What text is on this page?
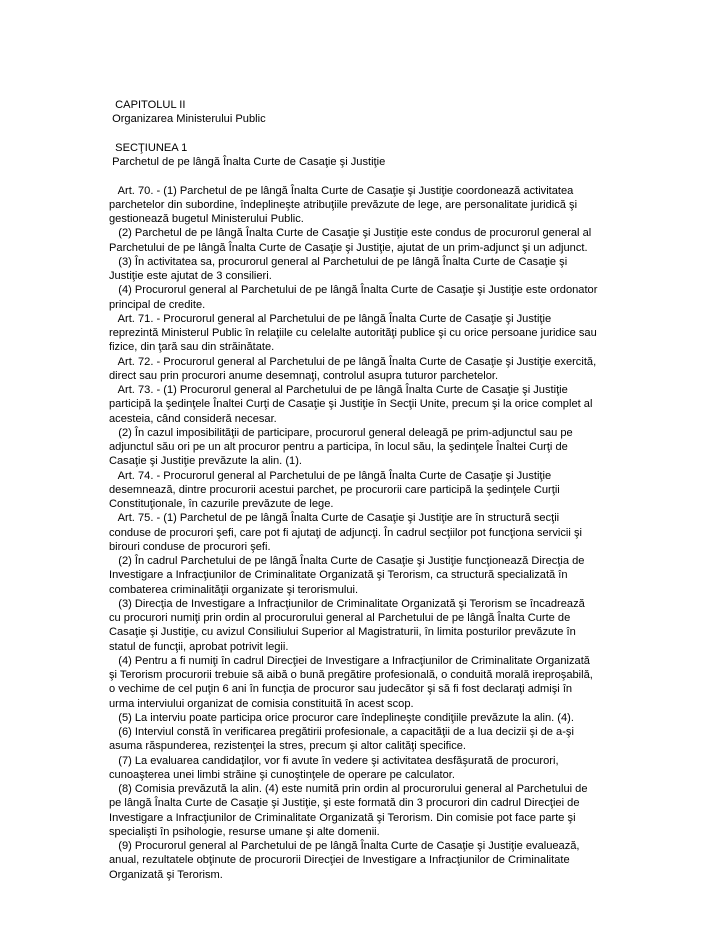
CAPITOLUL II
Organizarea Ministerului Public
SECŢIUNEA 1
Parchetul de pe lângă Înalta Curte de Casaţie şi Justiţie
Art. 70. - (1) Parchetul de pe lângă Înalta Curte de Casaţie şi Justiţie coordonează activitatea
parchetelor din subordine, îndeplineşte atribuţiile prevăzute de lege, are personalitate juridică şi
gestionează bugetul Ministerului Public.
(2) Parchetul de pe lângă Înalta Curte de Casaţie şi Justiţie este condus de procurorul general al
Parchetului de pe lângă Înalta Curte de Casaţie şi Justiţie, ajutat de un prim-adjunct şi un adjunct.
(3) În activitatea sa, procurorul general al Parchetului de pe lângă Înalta Curte de Casaţie şi
Justiţie este ajutat de 3 consilieri.
(4) Procurorul general al Parchetului de pe lângă Înalta Curte de Casaţie şi Justiţie este ordonator
principal de credite.
Art. 71. - Procurorul general al Parchetului de pe lângă Înalta Curte de Casaţie şi Justiţie
reprezintă Ministerul Public în relaţiile cu celelalte autorităţi publice şi cu orice persoane juridice sau
fizice, din ţară sau din străinătate.
Art. 72. - Procurorul general al Parchetului de pe lângă Înalta Curte de Casaţie şi Justiţie exercită,
direct sau prin procurori anume desemnaţi, controlul asupra tuturor parchetelor.
Art. 73. - (1) Procurorul general al Parchetului de pe lângă Înalta Curte de Casaţie şi Justiţie
participă la şedinţele Înaltei Curţi de Casaţie şi Justiţie în Secţii Unite, precum şi la orice complet al
acesteia, când consideră necesar.
(2) În cazul imposibilităţii de participare, procurorul general deleagă pe prim-adjunctul sau pe
adjunctul său ori pe un alt procuror pentru a participa, în locul său, la şedinţele Înaltei Curţi de
Casaţie şi Justiţie prevăzute la alin. (1).
Art. 74. - Procurorul general al Parchetului de pe lângă Înalta Curte de Casaţie şi Justiţie
desemnează, dintre procurorii acestui parchet, pe procurorii care participă la şedinţele Curţii
Constituţionale, în cazurile prevăzute de lege.
Art. 75. - (1) Parchetul de pe lângă Înalta Curte de Casaţie şi Justiţie are în structură secţii
conduse de procurori şefi, care pot fi ajutaţi de adjuncţi. În cadrul secţiilor pot funcţiona servicii şi
birouri conduse de procurori şefi.
(2) În cadrul Parchetului de pe lângă Înalta Curte de Casaţie şi Justiţie funcţionează Direcţia de
Investigare a Infracţiunilor de Criminalitate Organizată şi Terorism, ca structură specializată în
combaterea criminalităţii organizate şi terorismului.
(3) Direcţia de Investigare a Infracţiunilor de Criminalitate Organizată şi Terorism se încadrează
cu procurori numiţi prin ordin al procurorului general al Parchetului de pe lângă Înalta Curte de
Casaţie şi Justiţie, cu avizul Consiliului Superior al Magistraturii, în limita posturilor prevăzute în
statul de funcţii, aprobat potrivit legii.
(4) Pentru a fi numiţi în cadrul Direcţiei de Investigare a Infracţiunilor de Criminalitate Organizată
şi Terorism procurorii trebuie să aibă o bună pregătire profesională, o conduită morală ireproşabilă,
o vechime de cel puţin 6 ani în funcţia de procuror sau judecător şi să fi fost declaraţi admişi în
urma interviului organizat de comisia constituită în acest scop.
(5) La interviu poate participa orice procuror care îndeplineşte condiţiile prevăzute la alin. (4).
(6) Interviul constă în verificarea pregătirii profesionale, a capacităţii de a lua decizii şi de a-şi
asuma răspunderea, rezistenţei la stres, precum şi altor calităţi specifice.
(7) La evaluarea candidaţilor, vor fi avute în vedere şi activitatea desfăşurată de procurori,
cunoaşterea unei limbi străine şi cunoştinţele de operare pe calculator.
(8) Comisia prevăzută la alin. (4) este numită prin ordin al procurorului general al Parchetului de
pe lângă Înalta Curte de Casaţie şi Justiţie, şi este formată din 3 procurori din cadrul Direcţiei de
Investigare a Infracţiunilor de Criminalitate Organizată şi Terorism. Din comisie pot face parte şi
specialişti în psihologie, resurse umane şi alte domenii.
(9) Procurorul general al Parchetului de pe lângă Înalta Curte de Casaţie şi Justiţie evaluează,
anual, rezultatele obţinute de procurorii Direcţiei de Investigare a Infracţiunilor de Criminalitate
Organizată şi Terorism.
